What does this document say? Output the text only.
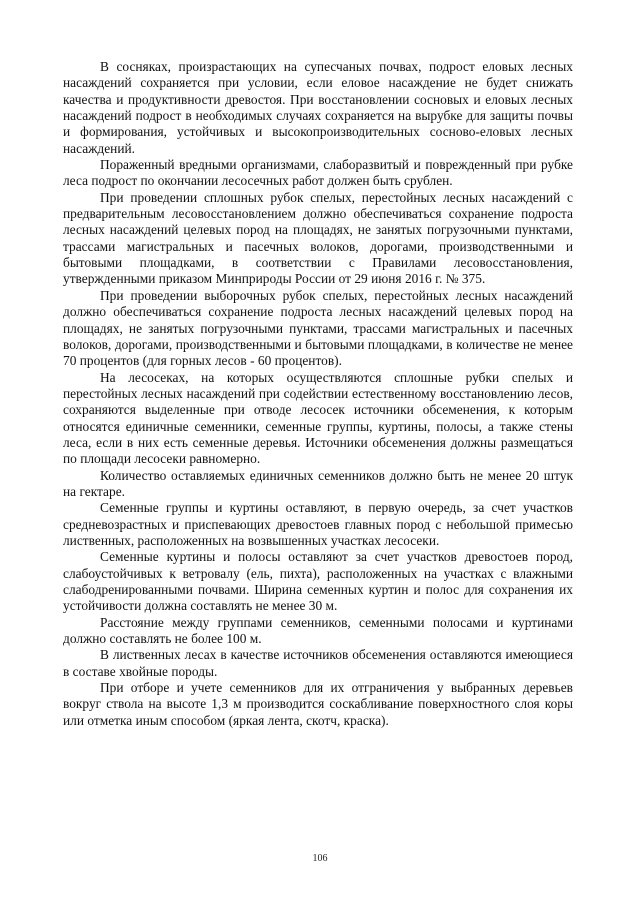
В сосняках, произрастающих на супесчаных почвах, подрост еловых лесных насаждений сохраняется при условии, если еловое насаждение не будет снижать качества и продуктивности древостоя. При восстановлении сосновых и еловых лесных насаждений подрост в необходимых случаях сохраняется на вырубке для защиты почвы и формирования, устойчивых и высокопроизводительных сосново-еловых лесных насаждений.

Пораженный вредными организмами, слаборазвитый и поврежденный при рубке леса подрост по окончании лесосечных работ должен быть срублен.

При проведении сплошных рубок спелых, перестойных лесных насаждений с предварительным лесовосстановлением должно обеспечиваться сохранение подроста лесных насаждений целевых пород на площадях, не занятых погрузочными пунктами, трассами магистральных и пасечных волоков, дорогами, производственными и бытовыми площадками, в соответствии с Правилами лесовосстановления, утвержденными приказом Минприроды России от 29 июня 2016 г. № 375.

При проведении выборочных рубок спелых, перестойных лесных насаждений должно обеспечиваться сохранение подроста лесных насаждений целевых пород на площадях, не занятых погрузочными пунктами, трассами магистральных и пасечных волоков, дорогами, производственными и бытовыми площадками, в количестве не менее 70 процентов (для горных лесов - 60 процентов).

На лесосеках, на которых осуществляются сплошные рубки спелых и перестойных лесных насаждений при содействии естественному восстановлению лесов, сохраняются выделенные при отводе лесосек источники обсеменения, к которым относятся единичные семенники, семенные группы, куртины, полосы, а также стены леса, если в них есть семенные деревья. Источники обсеменения должны размещаться по площади лесосеки равномерно.

Количество оставляемых единичных семенников должно быть не менее 20 штук на гектаре.

Семенные группы и куртины оставляют, в первую очередь, за счет участков средневозрастных и приспевающих древостоев главных пород с небольшой примесью лиственных, расположенных на возвышенных участках лесосеки.

Семенные куртины и полосы оставляют за счет участков древостоев пород, слабоустойчивых к ветровалу (ель, пихта), расположенных на участках с влажными слабодренированными почвами. Ширина семенных куртин и полос для сохранения их устойчивости должна составлять не менее 30 м.

Расстояние между группами семенников, семенными полосами и куртинами должно составлять не более 100 м.

В лиственных лесах в качестве источников обсеменения оставляются имеющиеся в составе хвойные породы.

При отборе и учете семенников для их отграничения у выбранных деревьев вокруг ствола на высоте 1,3 м производится соскабливание поверхностного слоя коры или отметка иным способом (яркая лента, скотч, краска).

106
